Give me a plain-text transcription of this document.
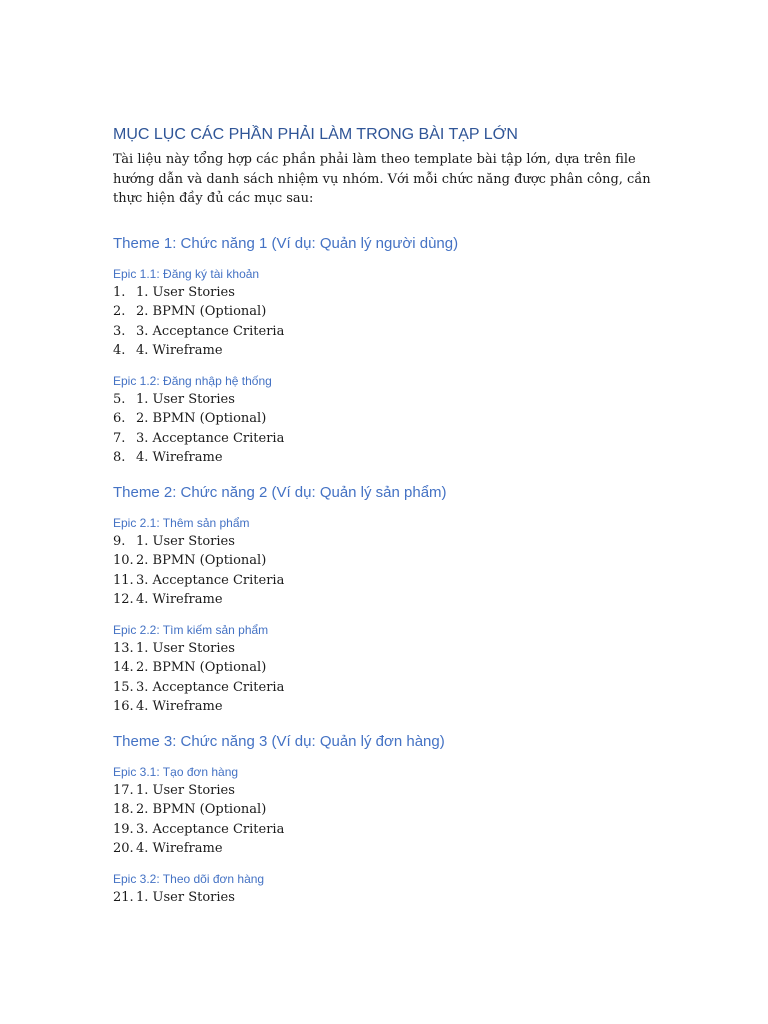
MỤC LỤC CÁC PHẦN PHẢI LÀM TRONG BÀI TẠP LỚN

Tài liệu này tổng hợp các phần phải làm theo template bài tập lớn, dựa trên file hướng dẫn và danh sách nhiệm vụ nhóm. Với mỗi chức năng được phân công, cần thực hiện đầy đủ các mục sau:

Theme 1: Chức năng 1 (Ví dụ: Quản lý người dùng)
Epic 1.1: Đăng ký tài khoản
1. 1. User Stories
2. 2. BPMN (Optional)
3. 3. Acceptance Criteria
4. 4. Wireframe
Epic 1.2: Đăng nhập hệ thống
5. 1. User Stories
6. 2. BPMN (Optional)
7. 3. Acceptance Criteria
8. 4. Wireframe
Theme 2: Chức năng 2 (Ví dụ: Quản lý sản phẩm)
Epic 2.1: Thêm sản phẩm
9. 1. User Stories
10. 2. BPMN (Optional)
11. 3. Acceptance Criteria
12. 4. Wireframe
Epic 2.2: Tìm kiếm sản phẩm
13. 1. User Stories
14. 2. BPMN (Optional)
15. 3. Acceptance Criteria
16. 4. Wireframe
Theme 3: Chức năng 3 (Ví dụ: Quản lý đơn hàng)
Epic 3.1: Tạo đơn hàng
17. 1. User Stories
18. 2. BPMN (Optional)
19. 3. Acceptance Criteria
20. 4. Wireframe
Epic 3.2: Theo dõi đơn hàng
21. 1. User Stories
